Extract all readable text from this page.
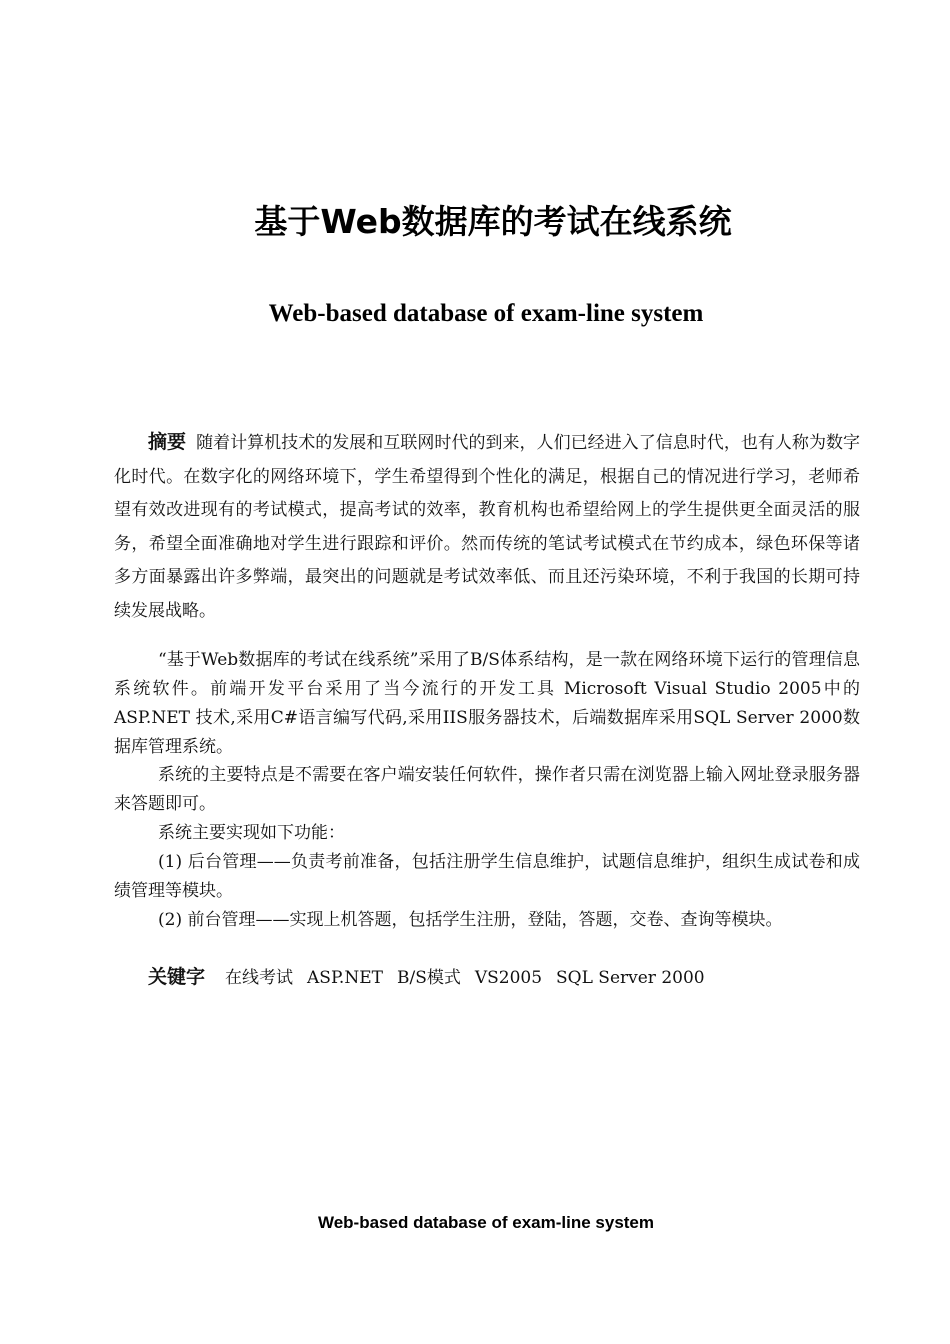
基于Web数据库的考试在线系统
Web-based database of exam-line system
摘要 随着计算机技术的发展和互联网时代的到来，人们已经进入了信息时代，也有人称为数字化时代。在数字化的网络环境下，学生希望得到个性化的满足，根据自己的情况进行学习，老师希望有效改进现有的考试模式，提高考试的效率，教育机构也希望给网上的学生提供更全面灵活的服务，希望全面准确地对学生进行跟踪和评价。然而传统的笔试考试模式在节约成本，绿色环保等诸多方面暴露出许多弊端，最突出的问题就是考试效率低、而且还污染环境，不利于我国的长期可持续发展战略。
“基于Web数据库的考试在线系统”采用了B/S体系结构，是一款在网络环境下运行的管理信息系统软件。前端开发平台采用了当今流行的开发工具 Microsoft Visual Studio 2005中的ASP.NET 技术,采用C#语言编写代码,采用IIS服务器技术，后端数据库采用SQL Server 2000数据库管理系统。
系统的主要特点是不需要在客户端安装任何软件，操作者只需在浏览器上输入网址登录服务器来答题即可。
系统主要实现如下功能：
(1) 后台管理——负责考前准备，包括注册学生信息维护，试题信息维护，组织生成试卷和成绩管理等模块。
(2) 前台管理——实现上机答题，包括学生注册，登陆，答题，交卷、查询等模块。
关键字 在线考试 ASP.NET B/S模式 VS2005 SQL Server 2000
Web-based database of exam-line system
